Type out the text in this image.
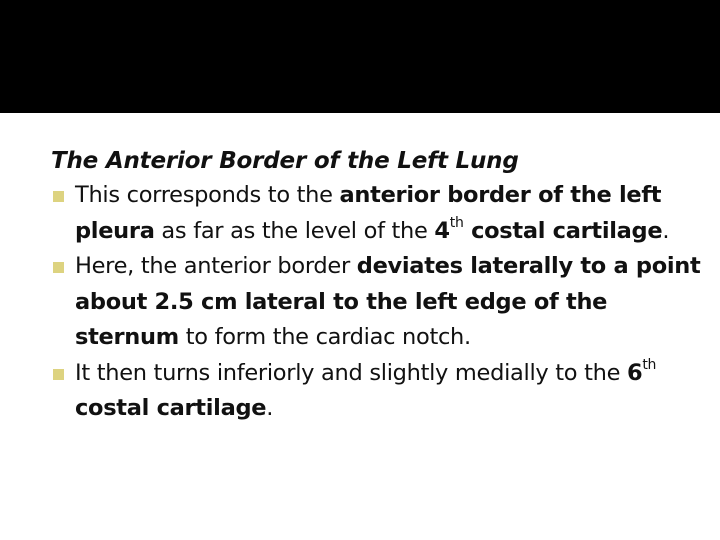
The Anterior Border of the Left Lung
This corresponds to the anterior border of the left pleura as far as the level of the 4th costal cartilage.
Here, the anterior border deviates laterally to a point about 2.5 cm lateral to the left edge of the sternum to form the cardiac notch.
It then turns inferiorly and slightly medially to the 6th costal cartilage.
